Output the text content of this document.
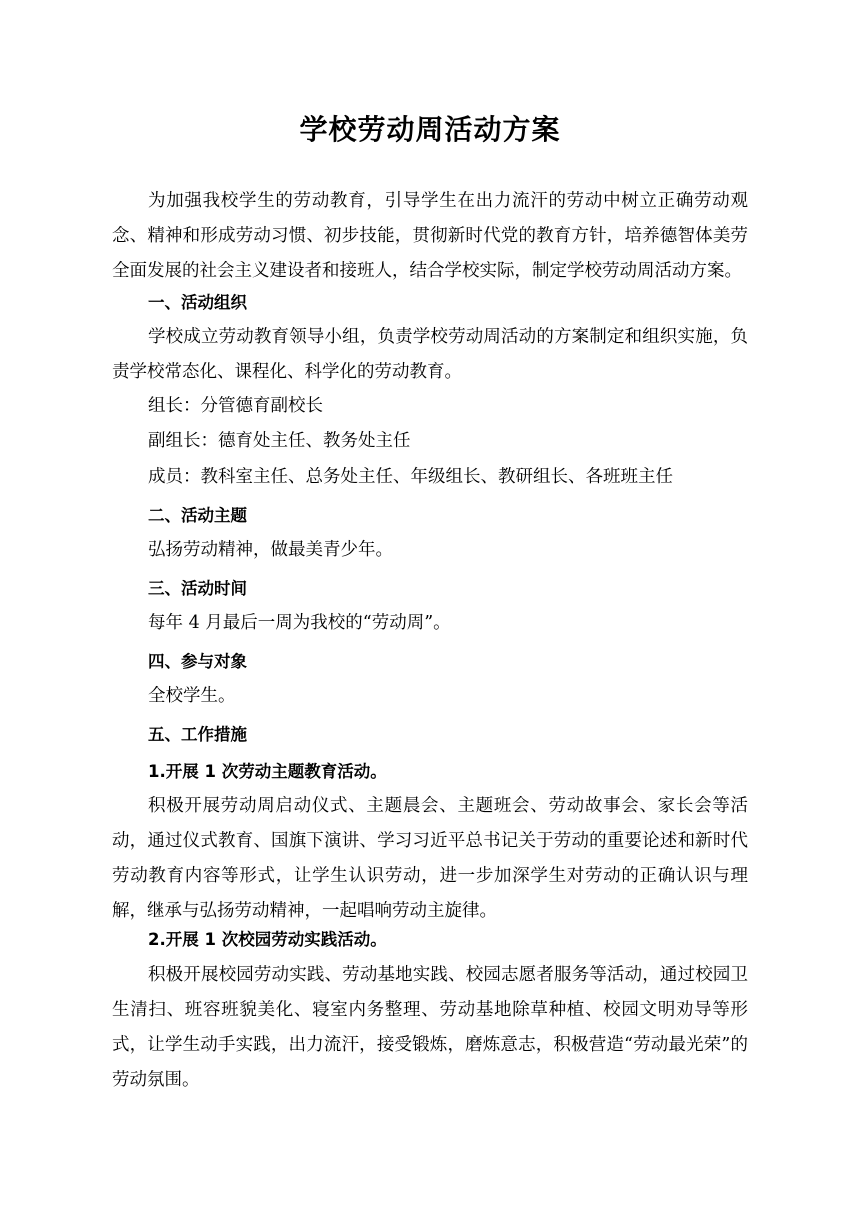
学校劳动周活动方案
为加强我校学生的劳动教育，引导学生在出力流汗的劳动中树立正确劳动观念、精神和形成劳动习惯、初步技能，贯彻新时代党的教育方针，培养德智体美劳全面发展的社会主义建设者和接班人，结合学校实际，制定学校劳动周活动方案。
一、活动组织
学校成立劳动教育领导小组，负责学校劳动周活动的方案制定和组织实施，负责学校常态化、课程化、科学化的劳动教育。
组长：分管德育副校长
副组长：德育处主任、教务处主任
成员：教科室主任、总务处主任、年级组长、教研组长、各班班主任
二、活动主题
弘扬劳动精神，做最美青少年。
三、活动时间
每年 4 月最后一周为我校的“劳动周”。
四、参与对象
全校学生。
五、工作措施
1.开展 1 次劳动主题教育活动。
积极开展劳动周启动仪式、主题晨会、主题班会、劳动故事会、家长会等活动，通过仪式教育、国旗下演讲、学习习近平总书记关于劳动的重要论述和新时代劳动教育内容等形式，让学生认识劳动，进一步加深学生对劳动的正确认识与理解，继承与弘扬劳动精神，一起唱响劳动主旋律。
2.开展 1 次校园劳动实践活动。
积极开展校园劳动实践、劳动基地实践、校园志愿者服务等活动，通过校园卫生清扫、班容班貌美化、寝室内务整理、劳动基地除草种植、校园文明劝导等形式，让学生动手实践，出力流汗，接受锻炼，磨炼意志，积极营造“劳动最光荣”的劳动氛围。
